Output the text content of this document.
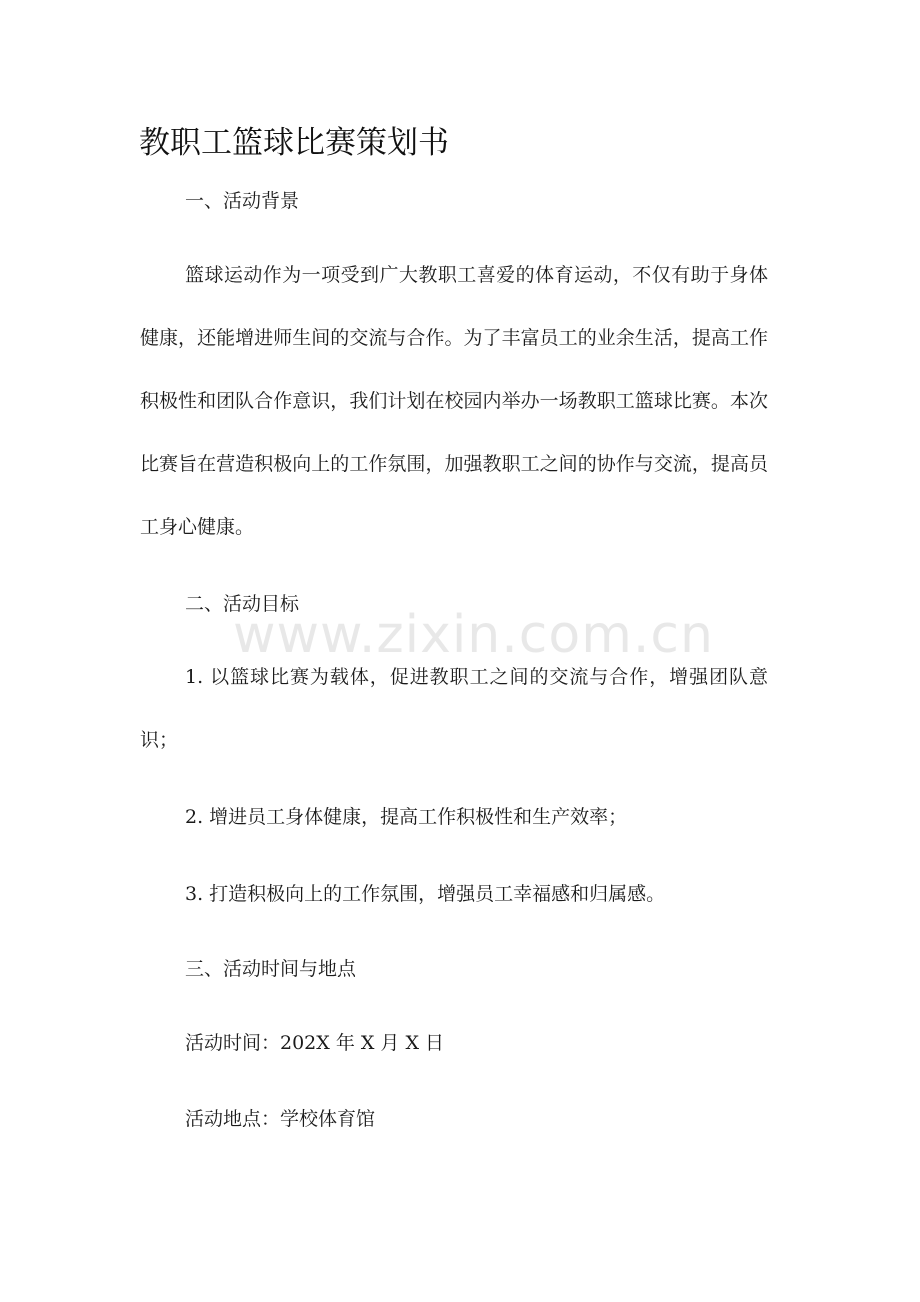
教职工篮球比赛策划书
一、活动背景

篮球运动作为一项受到广大教职工喜爱的体育运动，不仅有助于身体健康，还能增进师生间的交流与合作。为了丰富员工的业余生活，提高工作积极性和团队合作意识，我们计划在校园内举办一场教职工篮球比赛。本次比赛旨在营造积极向上的工作氛围，加强教职工之间的协作与交流，提高员工身心健康。

二、活动目标

1. 以篮球比赛为载体，促进教职工之间的交流与合作，增强团队意识；

2. 增进员工身体健康，提高工作积极性和生产效率；
3. 打造积极向上的工作氛围，增强员工幸福感和归属感。
三、活动时间与地点
活动时间：202X 年 X 月 X 日
活动地点：学校体育馆
www.zixin.com.cn
